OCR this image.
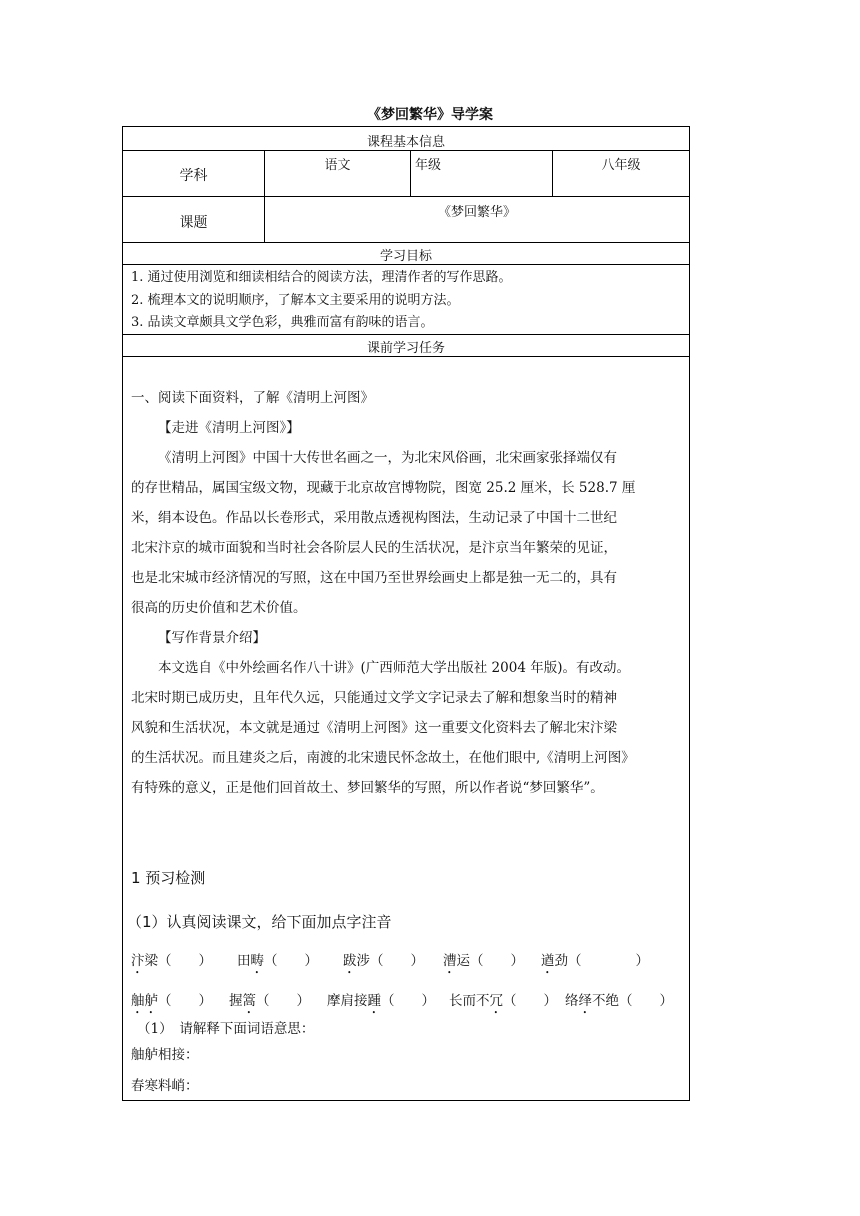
《梦回繁华》导学案
课程基本信息
学科
语文	年级	八年级
课题
《梦回繁华》
学习目标
1. 通过使用浏览和细读相结合的阅读方法，理清作者的写作思路。
2. 梳理本文的说明顺序，了解本文主要采用的说明方法。
3. 品读文章颇具文学色彩，典雅而富有韵味的语言。
课前学习任务

一、阅读下面资料，了解《清明上河图》

【走进《清明上河图》】

《清明上河图》中国十大传世名画之一，为北宋风俗画，北宋画家张择端仅有

的存世精品，属国宝级文物，现藏于北京故宫博物院，图宽 25.2 厘米，长 528.7 厘

米，绢本设色。作品以长卷形式，采用散点透视构图法，生动记录了中国十二世纪

北宋汴京的城市面貌和当时社会各阶层人民的生活状况，是汴京当年繁荣的见证，

也是北宋城市经济情况的写照，这在中国乃至世界绘画史上都是独一无二的，具有

很高的历史价值和艺术价值。

【写作背景介绍】

本文选自《中外绘画名作八十讲》(广西师范大学出版社 2004 年版)。有改动。

北宋时期已成历史，且年代久远，只能通过文学文字记录去了解和想象当时的精神

风貌和生活状况，本文就是通过《清明上河图》这一重要文化资料去了解北宋汴梁

的生活状况。而且建炎之后，南渡的北宋遗民怀念故土，在他们眼中,《清明上河图》

有特殊的意义，正是他们回首故土、梦回繁华的写照，所以作者说“梦回繁华”。

1 预习检测
（1）认真阅读课文，给下面加点字注音
汴梁（　　） 田畴（　　） 跋涉（　　） 漕运（　　） 遒劲（　　　　）
舳舻（　　） 握篙（　　） 摩肩接踵（　　） 长而不冗（　　） 络绎不绝（　　）
（1）　请解释下面词语意思：
舳舻相接：
春寒料峭：
